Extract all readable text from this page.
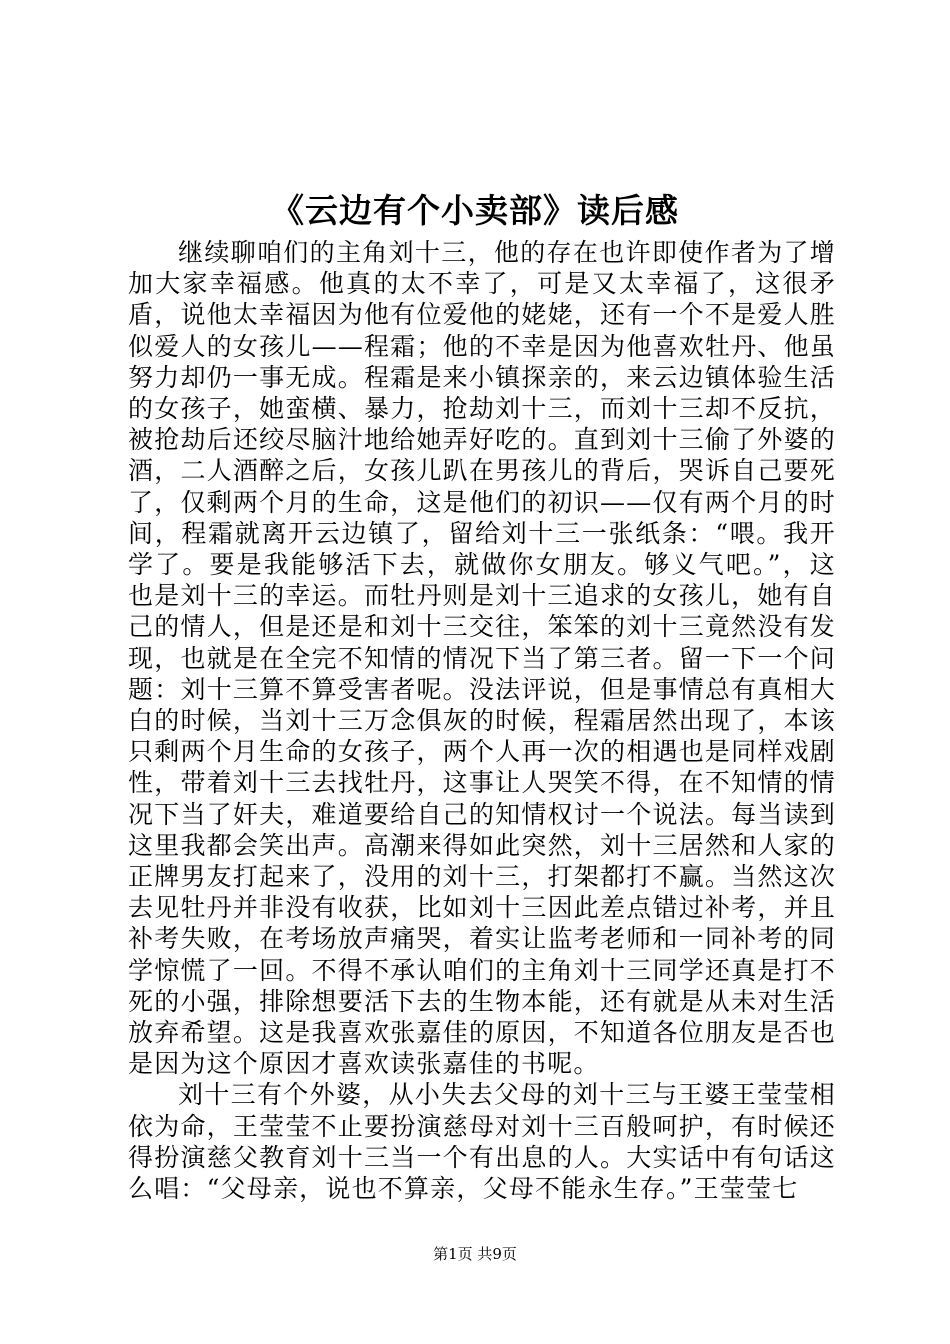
《云边有个小卖部》读后感

继续聊咱们的主角刘十三，他的存在也许即使作者为了增加大家幸福感。他真的太不幸了，可是又太幸福了，这很矛盾，说他太幸福因为他有位爱他的姥姥，还有一个不是爱人胜似爱人的女孩儿——程霜；他的不幸是因为他喜欢牡丹、他虽努力却仍一事无成。程霜是来小镇探亲的，来云边镇体验生活的女孩子，她蛮横、暴力，抢劫刘十三，而刘十三却不反抗，被抢劫后还绞尽脑汁地给她弄好吃的。直到刘十三偷了外婆的酒，二人酒醉之后，女孩儿趴在男孩儿的背后，哭诉自己要死了，仅剩两个月的生命，这是他们的初识——仅有两个月的时间，程霜就离开云边镇了，留给刘十三一张纸条：“喂。我开学了。要是我能够活下去，就做你女朋友。够义气吧。”，这也是刘十三的幸运。而牡丹则是刘十三追求的女孩儿，她有自己的情人，但是还是和刘十三交往，笨笨的刘十三竟然没有发现，也就是在全完不知情的情况下当了第三者。留一下一个问题：刘十三算不算受害者呢。没法评说，但是事情总有真相大白的时候，当刘十三万念俱灰的时候，程霜居然出现了，本该只剩两个月生命的女孩子，两个人再一次的相遇也是同样戏剧性，带着刘十三去找牡丹，这事让人哭笑不得，在不知情的情况下当了奸夫，难道要给自己的知情权讨一个说法。每当读到这里我都会笑出声。高潮来得如此突然，刘十三居然和人家的正牌男友打起来了，没用的刘十三，打架都打不赢。当然这次去见牡丹并非没有收获，比如刘十三因此差点错过补考，并且补考失败，在考场放声痛哭，着实让监考老师和一同补考的同学惊慌了一回。不得不承认咱们的主角刘十三同学还真是打不死的小强，排除想要活下去的生物本能，还有就是从未对生活放弃希望。这是我喜欢张嘉佳的原因，不知道各位朋友是否也是因为这个原因才喜欢读张嘉佳的书呢。

刘十三有个外婆，从小失去父母的刘十三与王婆王莹莹相依为命，王莹莹不止要扮演慈母对刘十三百般呵护，有时候还得扮演慈父教育刘十三当一个有出息的人。大实话中有句话这么唱：“父母亲，说也不算亲，父母不能永生存。”王莹莹七

第1页 共9页
